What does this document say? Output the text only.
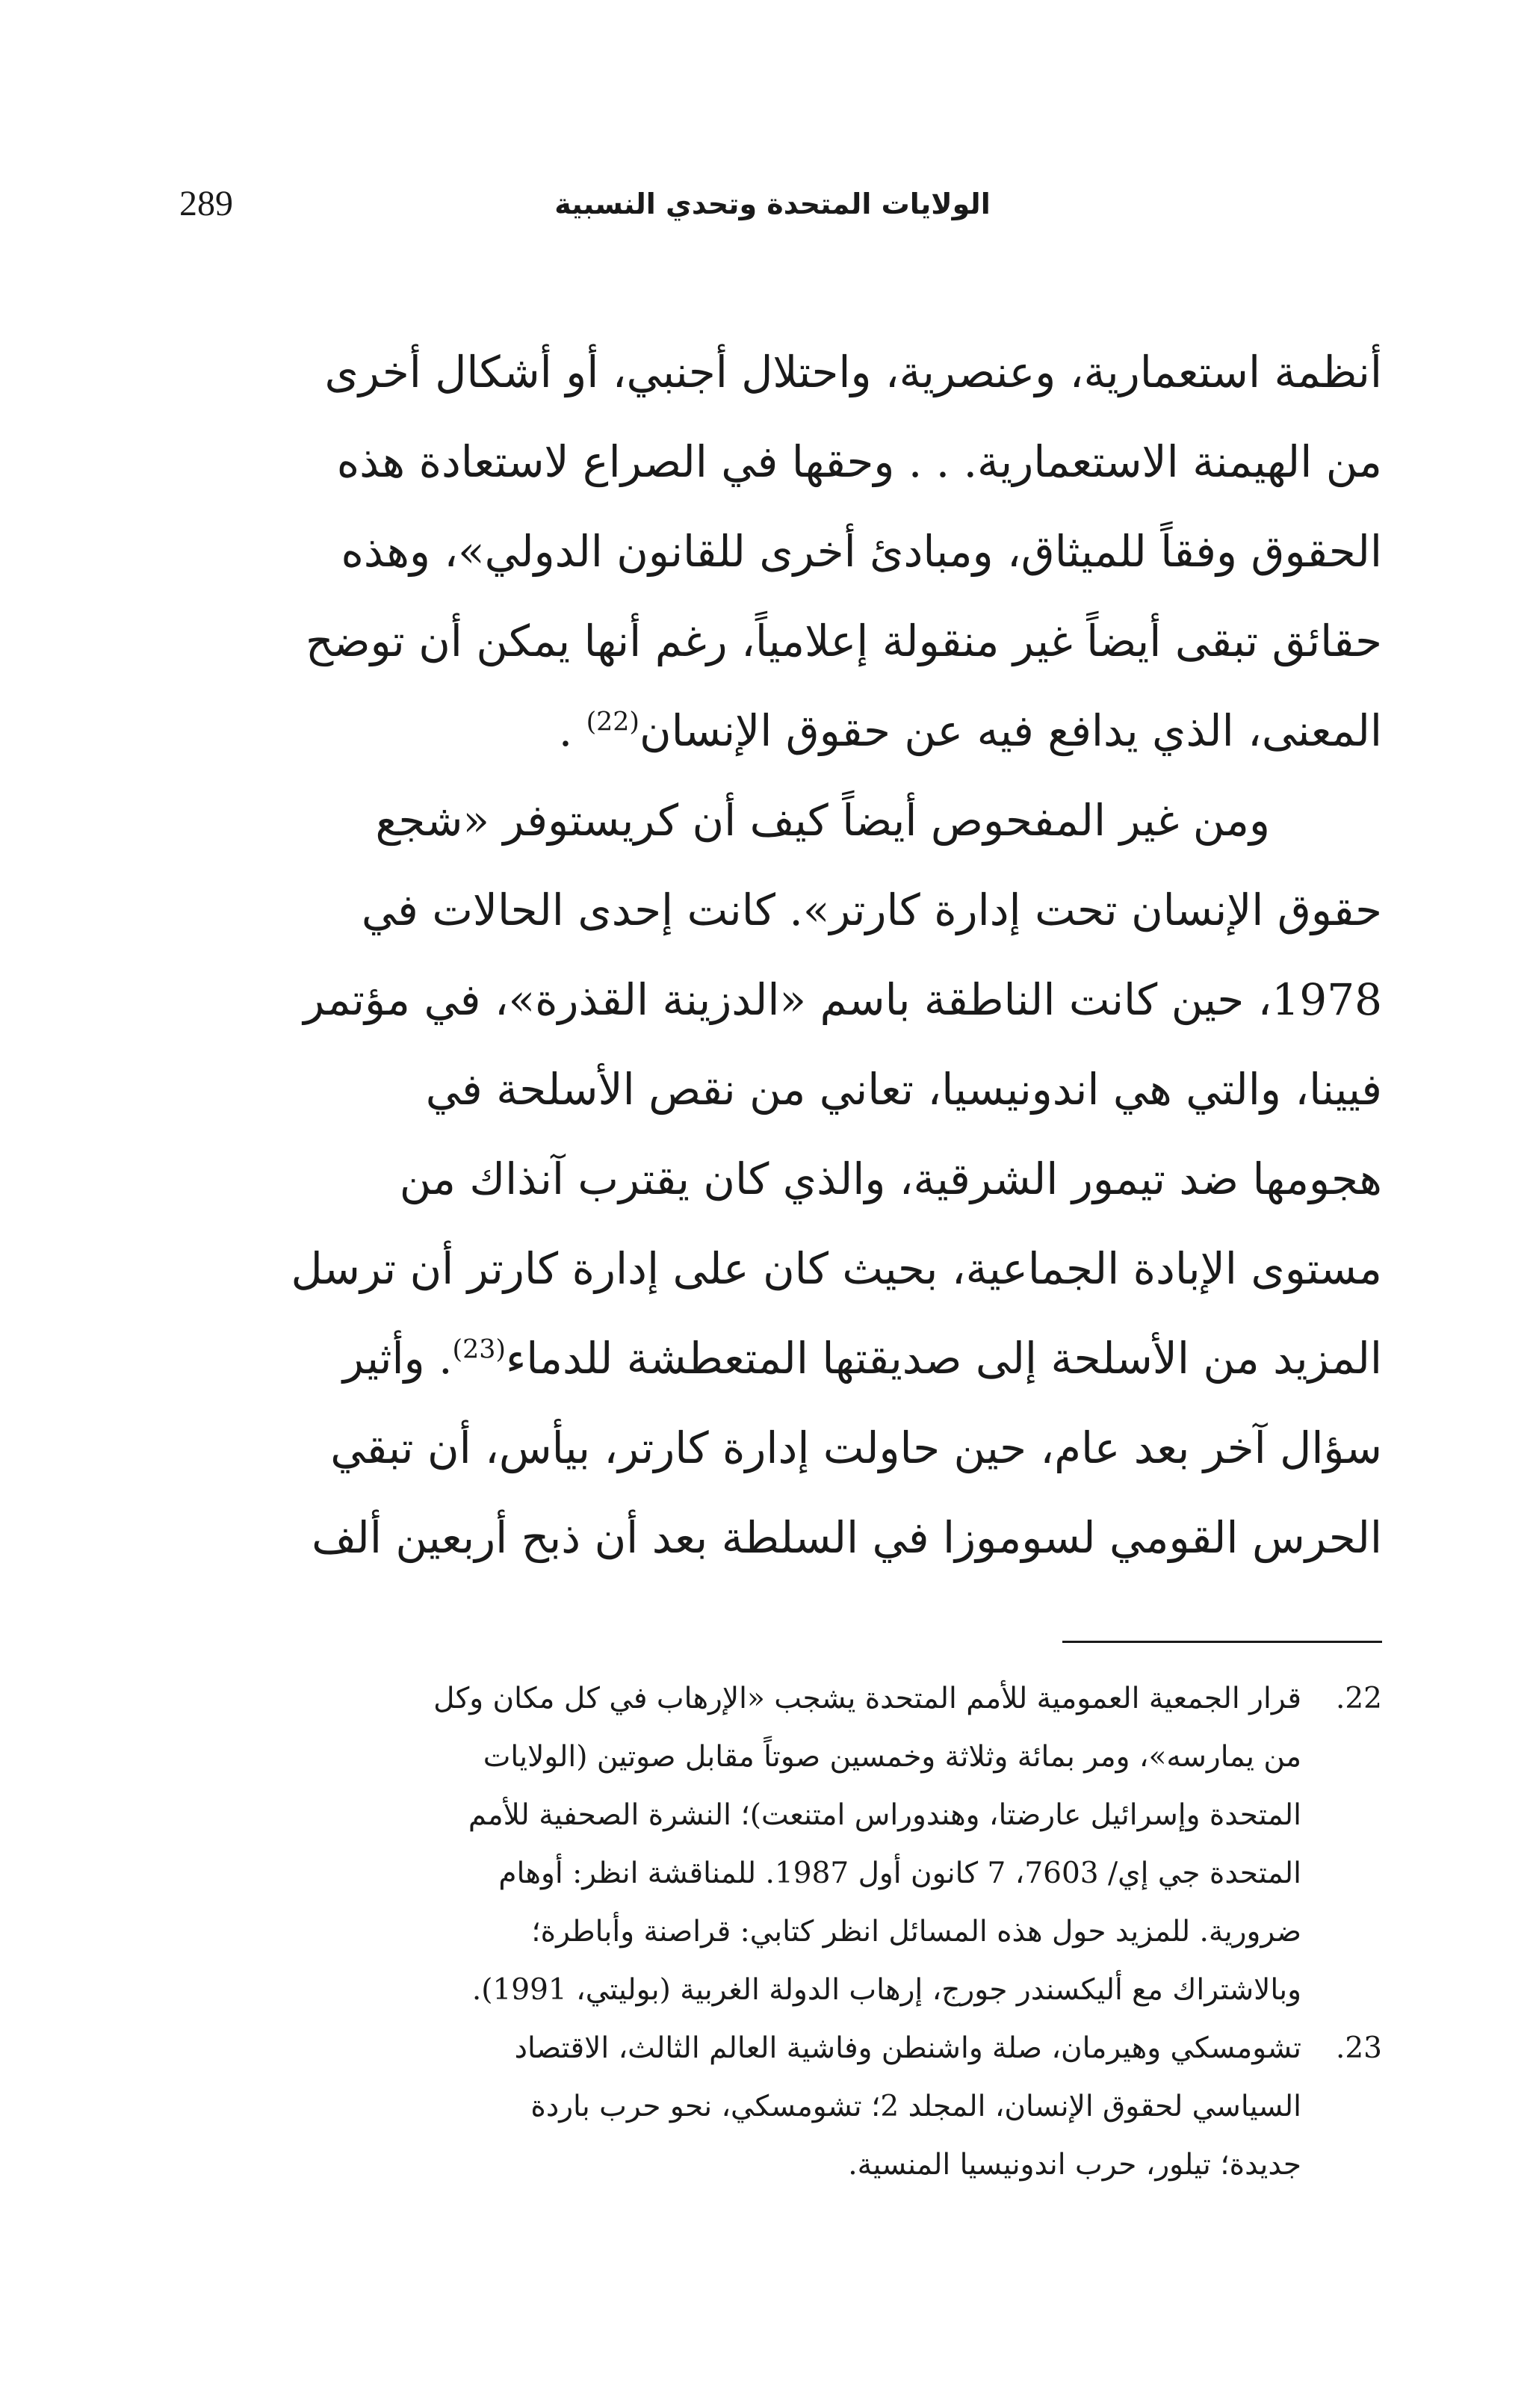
289	الولايات المتحدة وتحدي النسبية
أنظمة استعمارية، وعنصرية، واحتلال أجنبي، أو أشكال أخرى
من الهيمنة الاستعمارية. . . وحقها في الصراع لاستعادة هذه
الحقوق وفقاً للميثاق، ومبادئ أخرى للقانون الدولي»، وهذه
حقائق تبقى أيضاً غير منقولة إعلامياً، رغم أنها يمكن أن توضح
المعنى، الذي يدافع فيه عن حقوق الإنسان$^{(22)}$ .
ومن غير المفحوص أيضاً كيف أن كريستوفر «شجع
حقوق الإنسان تحت إدارة كارتر». كانت إحدى الحالات في
1978، حين كانت الناطقة باسم «الدزينة القذرة»، في مؤتمر
فيينا، والتي هي اندونيسيا، تعاني من نقص الأسلحة في
هجومها ضد تيمور الشرقية، والذي كان يقترب آنذاك من
مستوى الإبادة الجماعية، بحيث كان على إدارة كارتر أن ترسل
المزيد من الأسلحة إلى صديقتها المتعطشة للدماء$^{(23)}$. وأثير
سؤال آخر بعد عام، حين حاولت إدارة كارتر، بيأس، أن تبقي
الحرس القومي لسوموزا في السلطة بعد أن ذبح أربعين ألف
22.
قرار الجمعية العمومية للأمم المتحدة يشجب «الإرهاب في كل مكان وكل
من يمارسه»، ومر بمائة وثلاثة وخمسين صوتاً مقابل صوتين (الولايات
المتحدة وإسرائيل عارضتا، وهندوراس امتنعت)؛ النشرة الصحفية للأمم
المتحدة جي إي/ 7603، 7 كانون أول 1987. للمناقشة انظر: أوهام
ضرورية. للمزيد حول هذه المسائل انظر كتابي: قراصنة وأباطرة؛
وبالاشتراك مع أليكسندر جورج، إرهاب الدولة الغربية (بوليتي، 1991).
23.
تشومسكي وهيرمان، صلة واشنطن وفاشية العالم الثالث، الاقتصاد
السياسي لحقوق الإنسان، المجلد 2؛ تشومسكي، نحو حرب باردة
جديدة؛ تيلور، حرب اندونيسيا المنسية.
